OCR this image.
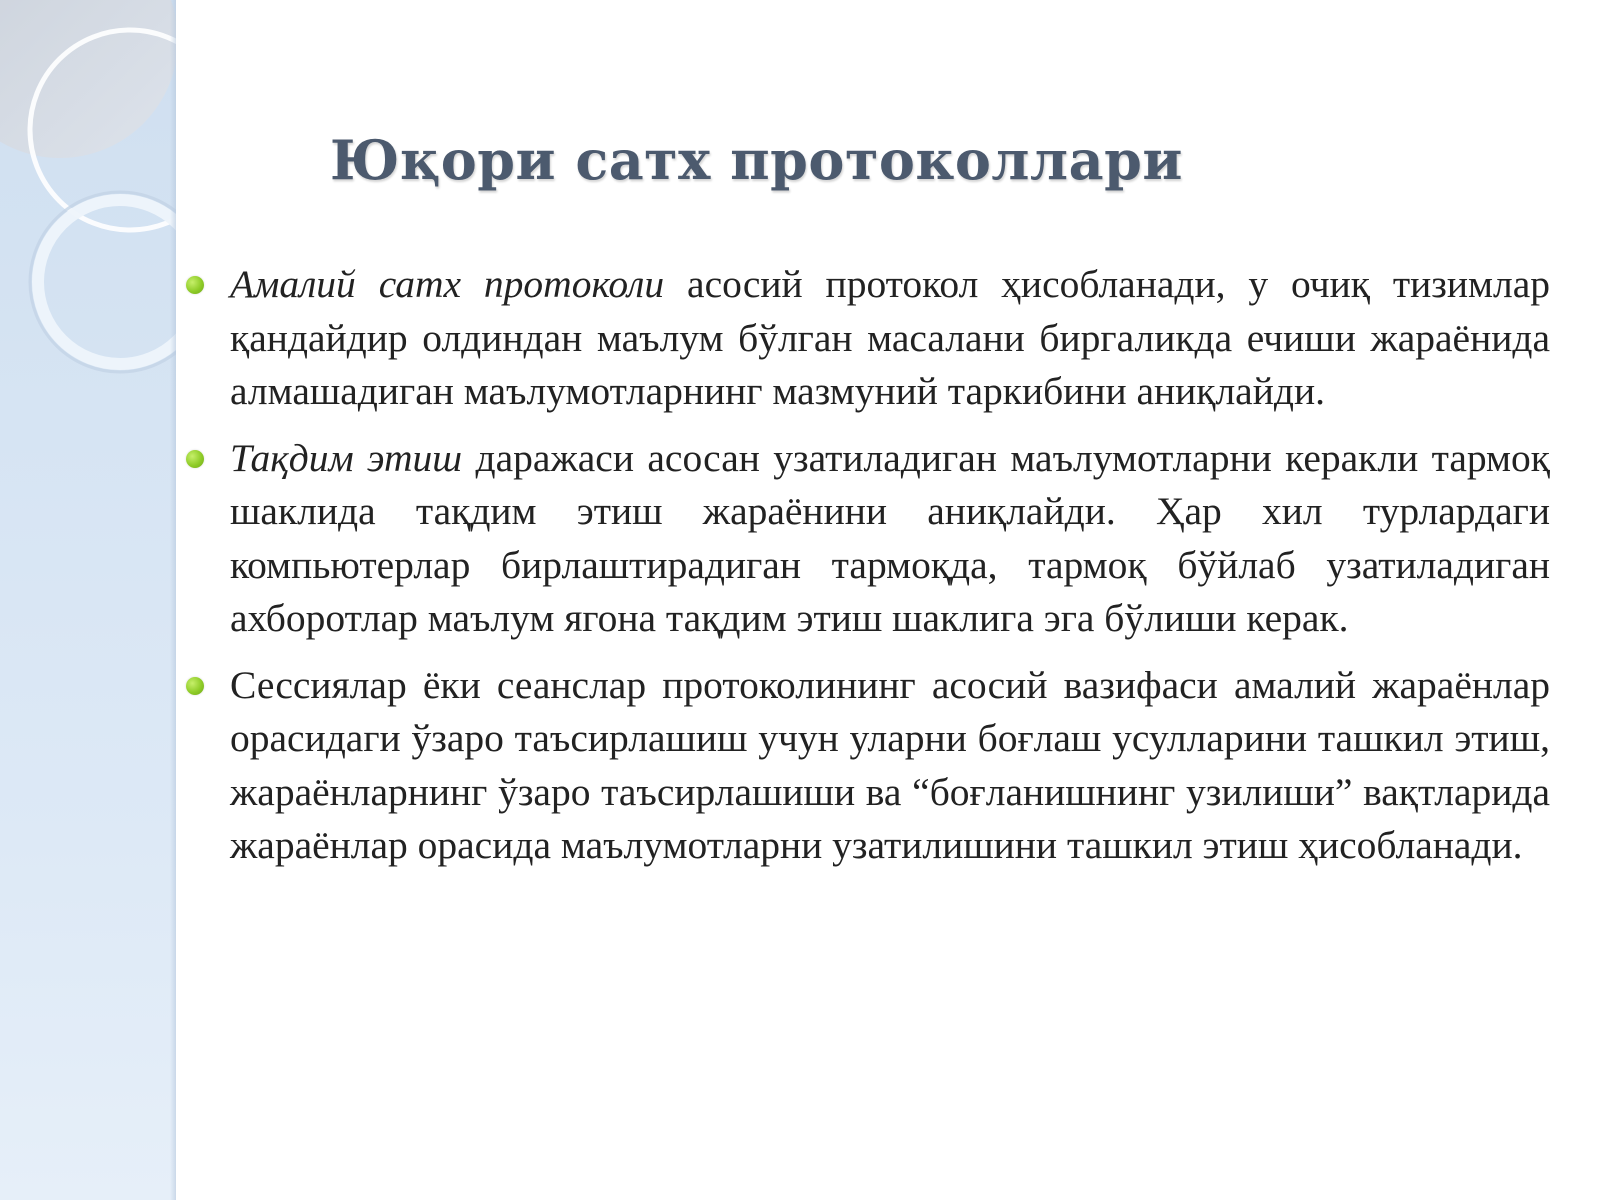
Юқори сатх протоколлари
Амалий сатх протоколи асосий протокол ҳисобланади, у очиқ тизимлар қандайдир олдиндан маълум бўлган масалани биргаликда ечиши жараёнида алмашадиган маълумотларнинг мазмуний таркибини аниқлайди.
Тақдим этиш даражаси асосан узатиладиган маълумотларни керакли тармоқ шаклида тақдим этиш жараёнини аниқлайди. Ҳар хил турлардаги компьютерлар бирлаштирадиган тармоқда, тармоқ бўйлаб узатиладиган ахборотлар маълум ягона тақдим этиш шаклига эга бўлиши керак.
Сессиялар ёки сеанслар протоколининг асосий вазифаси амалий жараёнлар орасидаги ўзаро таъсирлашиш учун уларни боғлаш усулларини ташкил этиш, жараёнларнинг ўзаро таъсирлашиши ва “боғланишнинг узилиши” вақтларида жараёнлар орасида маълумотларни узатилишини ташкил этиш ҳисобланади.
